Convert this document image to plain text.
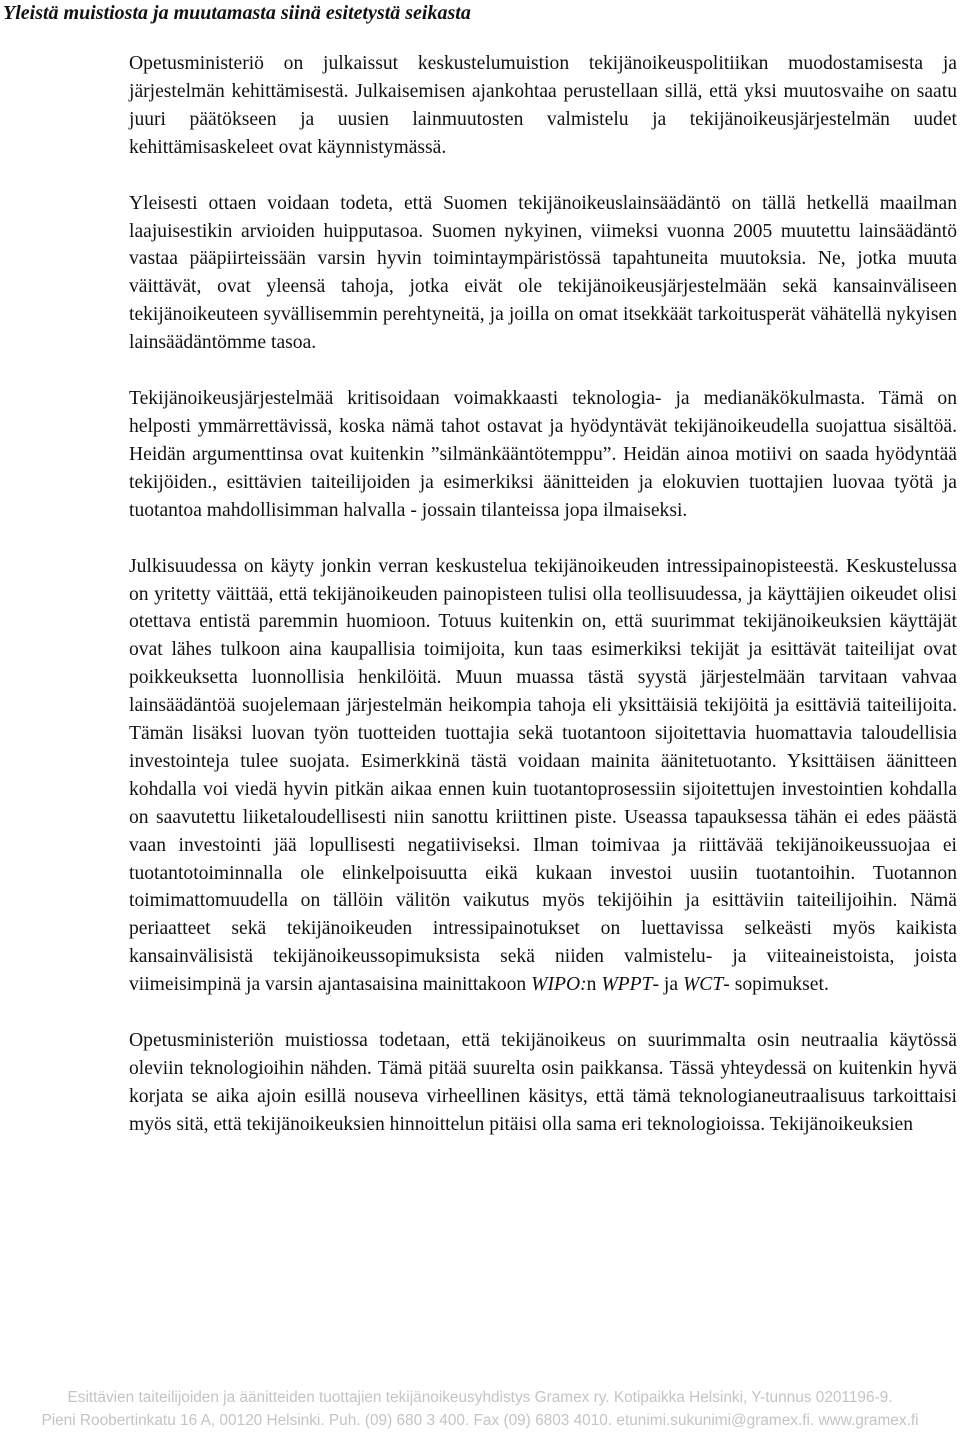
Yleistä muistiosta ja muutamasta siinä esitetystä seikasta

Opetusministeriö on julkaissut keskustelumuistion tekijänoikeuspolitiikan muodostamisesta ja järjestelmän kehittämisestä. Julkaisemisen ajankohtaa perustellaan sillä, että yksi muutosvaihe on saatu juuri päätökseen ja uusien lainmuutosten valmistelu ja tekijänoikeusjärjestelmän uudet kehittämisaskeleet ovat käynnistymässä.

Yleisesti ottaen voidaan todeta, että Suomen tekijänoikeuslainsäädäntö on tällä hetkellä maailman laajuisestikin arvioiden huipputasoa. Suomen nykyinen, viimeksi vuonna 2005 muutettu lainsäädäntö vastaa pääpiirteissään varsin hyvin toimintaympäristössä tapahtuneita muutoksia. Ne, jotka muuta väittävät, ovat yleensä tahoja, jotka eivät ole tekijänoikeusjärjestelmään sekä kansainväliseen tekijänoikeuteen syvällisemmin perehtyneitä, ja joilla on omat itsekkäät tarkoitusperät vähätellä nykyisen lainsäädäntömme tasoa.

Tekijänoikeusjärjestelmää kritisoidaan voimakkaasti teknologia- ja medianäkökulmasta. Tämä on helposti ymmärrettävissä, koska nämä tahot ostavat ja hyödyntävät tekijänoikeudella suojattua sisältöä. Heidän argumenttinsa ovat kuitenkin ”silmänkääntötemppu”. Heidän ainoa motiivi on saada hyödyntää tekijöiden., esittävien taiteilijoiden ja esimerkiksi äänitteiden ja elokuvien tuottajien luovaa työtä ja tuotantoa mahdollisimman halvalla - jossain tilanteissa jopa ilmaiseksi.

Julkisuudessa on käyty jonkin verran keskustelua tekijänoikeuden intressipainopisteestä. Keskustelussa on yritetty väittää, että tekijänoikeuden painopisteen tulisi olla teollisuudessa, ja käyttäjien oikeudet olisi otettava entistä paremmin huomioon. Totuus kuitenkin on, että suurimmat tekijänoikeuksien käyttäjät ovat lähes tulkoon aina kaupallisia toimijoita, kun taas esimerkiksi tekijät ja esittävät taiteilijat ovat poikkeuksetta luonnollisia henkilöitä. Muun muassa tästä syystä järjestelmään tarvitaan vahvaa lainsäädäntöä suojelemaan järjestelmän heikompia tahoja eli yksittäisiä tekijöitä ja esittäviä taiteilijoita. Tämän lisäksi luovan työn tuotteiden tuottajia sekä tuotantoon sijoitettavia huomattavia taloudellisia investointeja tulee suojata. Esimerkkinä tästä voidaan mainita äänitetuotanto. Yksittäisen äänitteen kohdalla voi viedä hyvin pitkän aikaa ennen kuin tuotantoprosessiin sijoitettujen investointien kohdalla on saavutettu liiketaloudellisesti niin sanottu kriittinen piste. Useassa tapauksessa tähän ei edes päästä vaan investointi jää lopullisesti negatiiviseksi. Ilman toimivaa ja riittävää tekijänoikeussuojaa ei tuotantotoiminnalla ole elinkelpoisuutta eikä kukaan investoi uusiin tuotantoihin. Tuotannon toimimattomuudella on tällöin välitön vaikutus myös tekijöihin ja esittäviin taiteilijoihin. Nämä periaatteet sekä tekijänoikeuden intressipainotukset on luettavissa selkeästi myös kaikista kansainvälisistä tekijänoikeussopimuksista sekä niiden valmistelu- ja viiteaineistoista, joista viimeisimpinä ja varsin ajantasaisina mainittakoon WIPO:n WPPT- ja WCT- sopimukset.

Opetusministeriön muistiossa todetaan, että tekijänoikeus on suurimmalta osin neutraalia käytössä oleviin teknologioihin nähden. Tämä pitää suurelta osin paikkansa. Tässä yhteydessä on kuitenkin hyvä korjata se aika ajoin esillä nouseva virheellinen käsitys, että tämä teknologianeutraalisuus tarkoittaisi myös sitä, että tekijänoikeuksien hinnoittelun pitäisi olla sama eri teknologioissa. Tekijänoikeuksien

Esittävien taiteilijoiden ja äänitteiden tuottajien tekijänoikeusyhdistys Gramex ry. Kotipaikka Helsinki, Y-tunnus 0201196-9.
Pieni Roobertinkatu 16 A, 00120 Helsinki. Puh. (09) 680 3 400. Fax (09) 6803 4010. etunimi.sukunimi@gramex.fi. www.gramex.fi
